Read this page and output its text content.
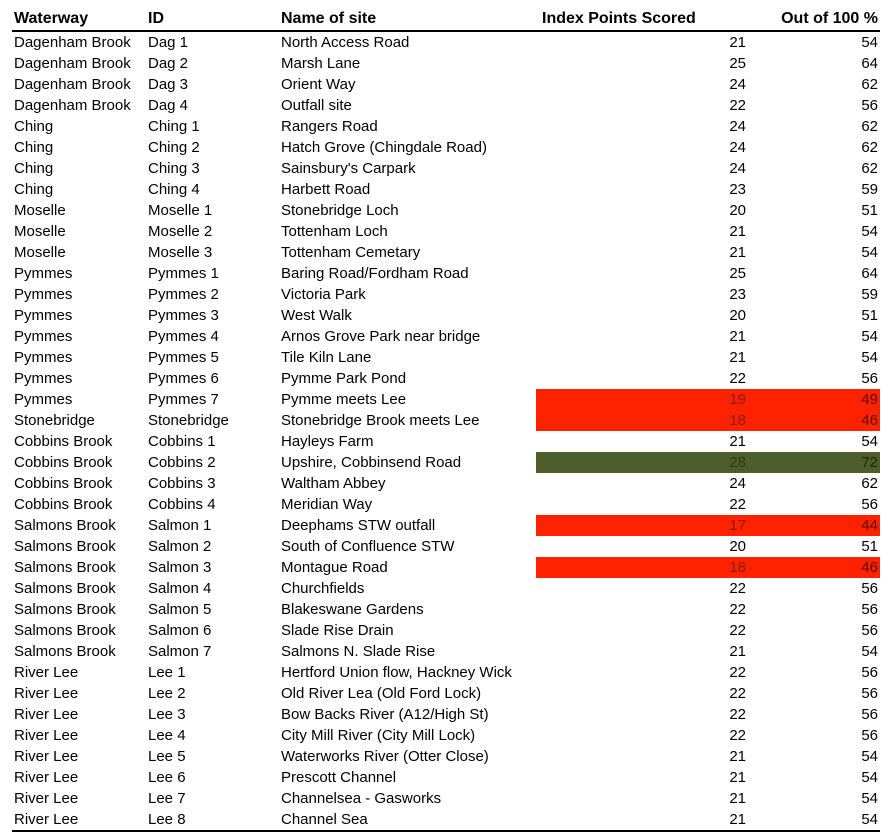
Waterway	ID	Name of site	Index Points Scored	Out of 100 %
Dagenham Brook	Dag 1	North Access Road	21	54
Dagenham Brook	Dag 2	Marsh Lane	25	64
Dagenham Brook	Dag 3	Orient Way	24	62
Dagenham Brook	Dag 4	Outfall site	22	56
Ching	Ching 1	Rangers Road	24	62
Ching	Ching 2	Hatch Grove (Chingdale Road)	24	62
Ching	Ching 3	Sainsbury's Carpark	24	62
Ching	Ching 4	Harbett Road	23	59
Moselle	Moselle 1	Stonebridge Loch	20	51
Moselle	Moselle 2	Tottenham Loch	21	54
Moselle	Moselle 3	Tottenham Cemetary	21	54
Pymmes	Pymmes 1	Baring Road/Fordham Road	25	64
Pymmes	Pymmes 2	Victoria Park	23	59
Pymmes	Pymmes 3	West Walk	20	51
Pymmes	Pymmes 4	Arnos Grove Park near bridge	21	54
Pymmes	Pymmes 5	Tile Kiln Lane	21	54
Pymmes	Pymmes 6	Pymme Park Pond	22	56
Pymmes	Pymmes 7	Pymme meets Lee	19	49
Stonebridge	Stonebridge	Stonebridge Brook meets Lee	18	46
Cobbins Brook	Cobbins 1	Hayleys Farm	21	54
Cobbins Brook	Cobbins 2	Upshire, Cobbinsend Road	28	72
Cobbins Brook	Cobbins 3	Waltham Abbey	24	62
Cobbins Brook	Cobbins 4	Meridian Way	22	56
Salmons Brook	Salmon 1	Deephams STW outfall	17	44
Salmons Brook	Salmon 2	South of Confluence STW	20	51
Salmons Brook	Salmon 3	Montague Road	18	46
Salmons Brook	Salmon 4	Churchfields	22	56
Salmons Brook	Salmon 5	Blakeswane Gardens	22	56
Salmons Brook	Salmon 6	Slade Rise Drain	22	56
Salmons Brook	Salmon 7	Salmons N. Slade Rise	21	54
River Lee	Lee 1	Hertford Union flow, Hackney Wick	22	56
River Lee	Lee 2	Old River Lea (Old Ford Lock)	22	56
River Lee	Lee 3	Bow Backs River (A12/High St)	22	56
River Lee	Lee 4	City Mill River (City Mill Lock)	22	56
River Lee	Lee 5	Waterworks River (Otter Close)	21	54
River Lee	Lee 6	Prescott Channel	21	54
River Lee	Lee 7	Channelsea - Gasworks	21	54
River Lee	Lee 8	Channel Sea	21	54
